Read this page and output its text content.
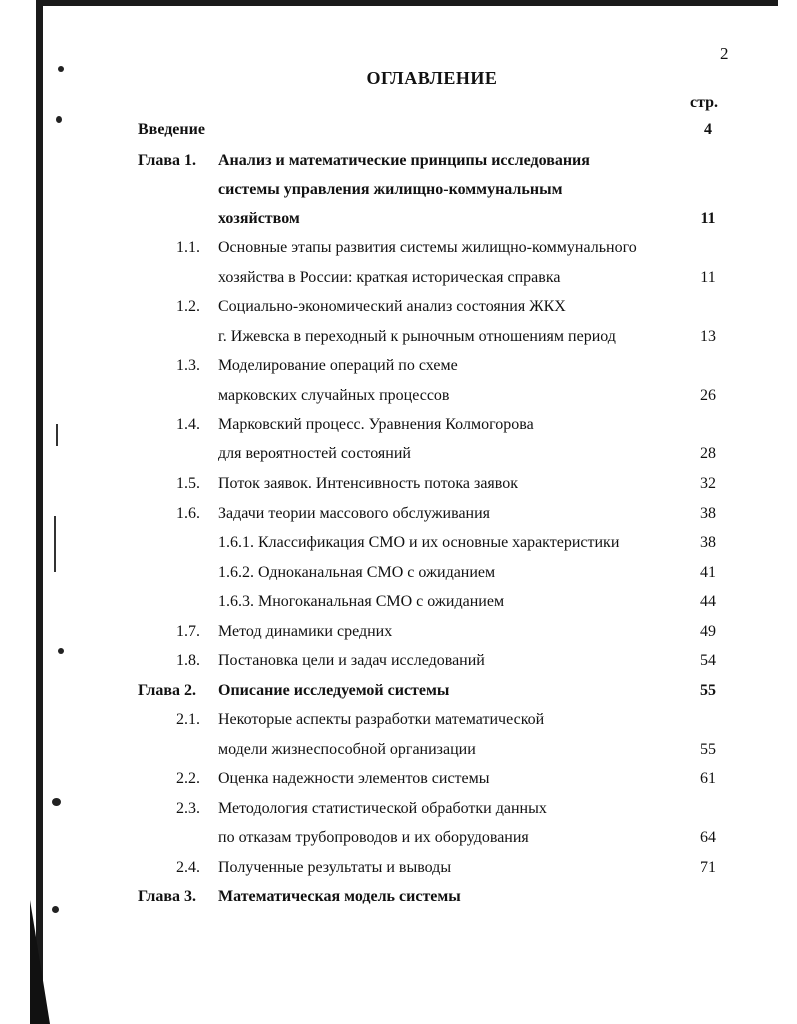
2
ОГЛАВЛЕНИЕ
стр.
Введение	4
Глава 1. Анализ и математические принципы исследования
системы управления жилищно-коммунальным
хозяйством	11
1.1. Основные этапы развития системы жилищно-коммунального
хозяйства в России: краткая историческая справка	11
1.2. Социально-экономический анализ состояния ЖКХ
г. Ижевска в переходный к рыночным отношениям период	13
1.3. Моделирование операций по схеме
марковских случайных процессов	26
1.4. Марковский процесс. Уравнения Колмогорова
для вероятностей состояний	28
1.5. Поток заявок. Интенсивность потока заявок	32
1.6. Задачи теории массового обслуживания	38
1.6.1. Классификация СМО и их основные характеристики	38
1.6.2. Одноканальная СМО с ожиданием	41
1.6.3. Многоканальная СМО с ожиданием	44
1.7. Метод динамики средних	49
1.8. Постановка цели и задач исследований	54
Глава 2. Описание исследуемой системы	55
2.1. Некоторые аспекты разработки математической
модели жизнеспособной организации	55
2.2. Оценка надежности элементов системы	61
2.3. Методология статистической обработки данных
по отказам трубопроводов и их оборудования	64
2.4. Полученные результаты и выводы	71
Глава 3. Математическая модель системы
